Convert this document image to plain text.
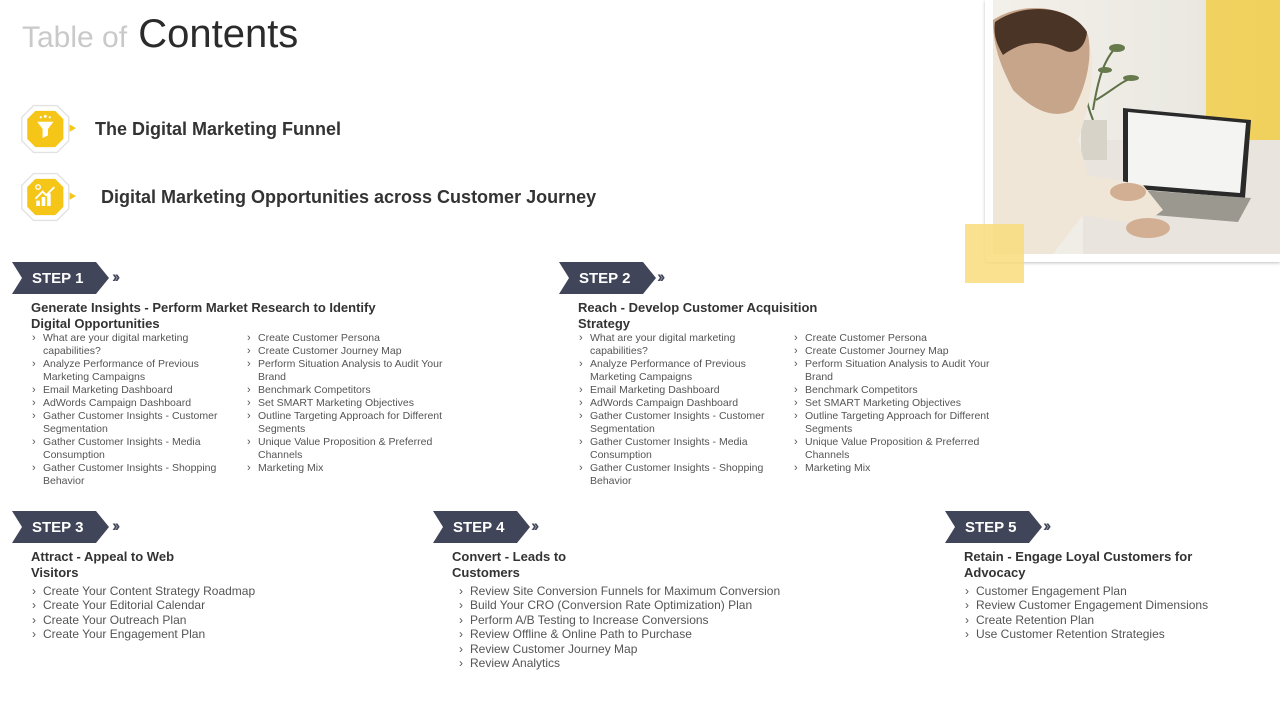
Table of Contents
The Digital Marketing Funnel
Digital Marketing Opportunities across Customer Journey
STEP 1 ››
Generate Insights - Perform Market Research to Identify Digital Opportunities
› What are your digital marketing capabilities?
› Analyze Performance of Previous Marketing Campaigns
› Email Marketing Dashboard
› AdWords Campaign Dashboard
› Gather Customer Insights - Customer Segmentation
› Gather Customer Insights - Media Consumption
› Gather Customer Insights - Shopping Behavior
› Create Customer Persona
› Create Customer Journey Map
› Perform Situation Analysis to Audit Your Brand
› Benchmark Competitors
› Set SMART Marketing Objectives
› Outline Targeting Approach for Different Segments
› Unique Value Proposition & Preferred Channels
› Marketing Mix
STEP 2 ››
Reach - Develop Customer Acquisition Strategy
› What are your digital marketing capabilities?
› Analyze Performance of Previous Marketing Campaigns
› Email Marketing Dashboard
› AdWords Campaign Dashboard
› Gather Customer Insights - Customer Segmentation
› Gather Customer Insights - Media Consumption
› Gather Customer Insights - Shopping Behavior
› Create Customer Persona
› Create Customer Journey Map
› Perform Situation Analysis to Audit Your Brand
› Benchmark Competitors
› Set SMART Marketing Objectives
› Outline Targeting Approach for Different Segments
› Unique Value Proposition & Preferred Channels
› Marketing Mix
STEP 3 ››
Attract - Appeal to Web Visitors
› Create Your Content Strategy Roadmap
› Create Your Editorial Calendar
› Create Your Outreach Plan
› Create Your Engagement Plan
STEP 4 ››
Convert - Leads to Customers
› Review Site Conversion Funnels for Maximum Conversion
› Build Your CRO (Conversion Rate Optimization) Plan
› Perform A/B Testing to Increase Conversions
› Review Offline & Online Path to Purchase
› Review Customer Journey Map
› Review Analytics
STEP 5 ››
Retain - Engage Loyal Customers for Advocacy
› Customer Engagement Plan
› Review Customer Engagement Dimensions
› Create Retention Plan
› Use Customer Retention Strategies
